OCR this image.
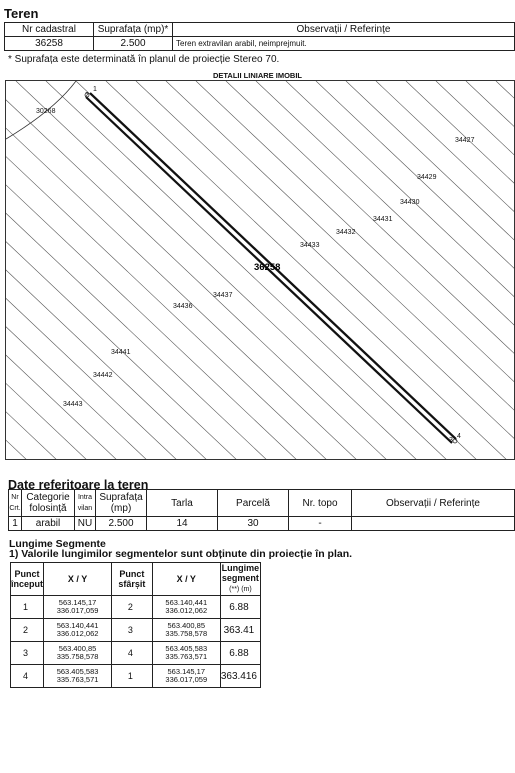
Teren
Nr cadastral	Suprafața (mp)*	Observații / Referințe
36258	2.500	Teren extravilan arabil, neimprejmuit.
* Suprafața este determinată în planul de proiecție Stereo 70.
DETALII LINIARE IMOBIL
1
2
3
4
36258
30268
34427
34429
34430
34431
34432
34433
34437
34436
34441
34442
34443
Date referitoare la teren
Nr Crt.	Categorie folosință	Intra vilan	Suprafața (mp)	Tarla	Parcelă	Nr. topo	Observații / Referințe
1	arabil	NU	2.500	14	30	-	
Lungime Segmente
1) Valorile lungimilor segmentelor sunt obținute din proiecție în plan.
Punct început	X / Y	Punct sfârșit	X / Y	Lungime segment
(**) (m)
1	563.145,17
336.017,059	2	563.140,441
336.012,062	6.88
2	563.140,441
336.012,062	3	563.400,85
335.758,578	363.41
3	563.400,85
335.758,578	4	563.405,583
335.763,571	6.88
4	563.405,583
335.763,571	1	563.145,17
336.017,059	363.416
